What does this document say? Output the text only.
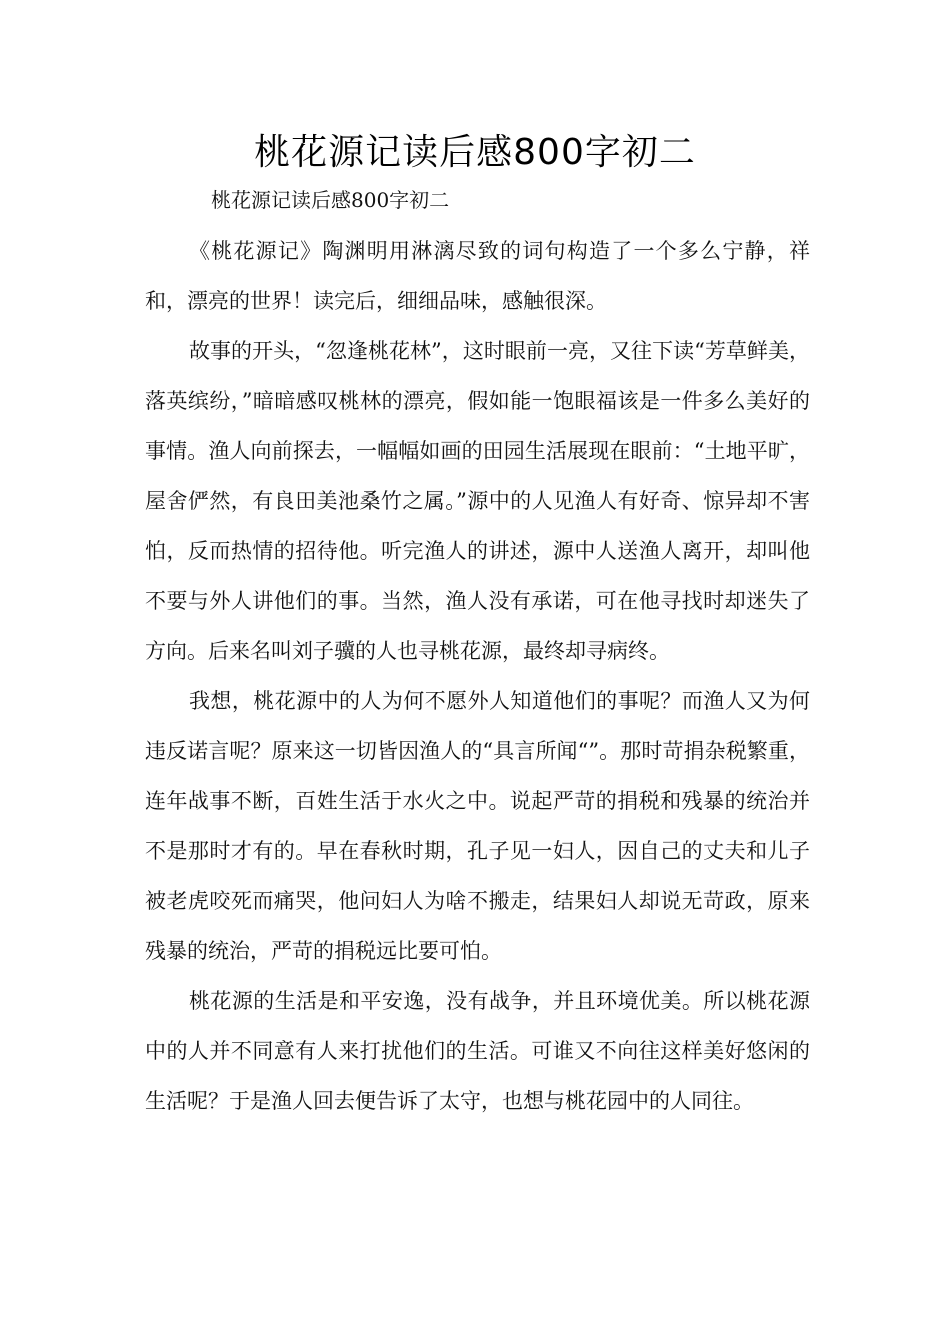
桃花源记读后感800字初二
桃花源记读后感800字初二

《桃花源记》陶渊明用淋漓尽致的词句构造了一个多么宁静，祥和，漂亮的世界！读完后，细细品味，感触很深。

故事的开头，“忽逢桃花林”，这时眼前一亮，又往下读“芳草鲜美，落英缤纷，”暗暗感叹桃林的漂亮，假如能一饱眼福该是一件多么美好的事情。渔人向前探去，一幅幅如画的田园生活展现在眼前：“土地平旷，屋舍俨然，有良田美池桑竹之属。”源中的人见渔人有好奇、惊异却不害怕，反而热情的招待他。听完渔人的讲述，源中人送渔人离开，却叫他不要与外人讲他们的事。当然，渔人没有承诺，可在他寻找时却迷失了方向。后来名叫刘子骥的人也寻桃花源，最终却寻病终。

我想，桃花源中的人为何不愿外人知道他们的事呢？而渔人又为何违反诺言呢？原来这一切皆因渔人的“具言所闻“”。那时苛捐杂税繁重，连年战事不断，百姓生活于水火之中。说起严苛的捐税和残暴的统治并不是那时才有的。早在春秋时期，孔子见一妇人，因自己的丈夫和儿子被老虎咬死而痛哭，他问妇人为啥不搬走，结果妇人却说无苛政，原来残暴的统治，严苛的捐税远比要可怕。

桃花源的生活是和平安逸，没有战争，并且环境优美。所以桃花源中的人并不同意有人来打扰他们的生活。可谁又不向往这样美好悠闲的生活呢？于是渔人回去便告诉了太守，也想与桃花园中的人同往。
